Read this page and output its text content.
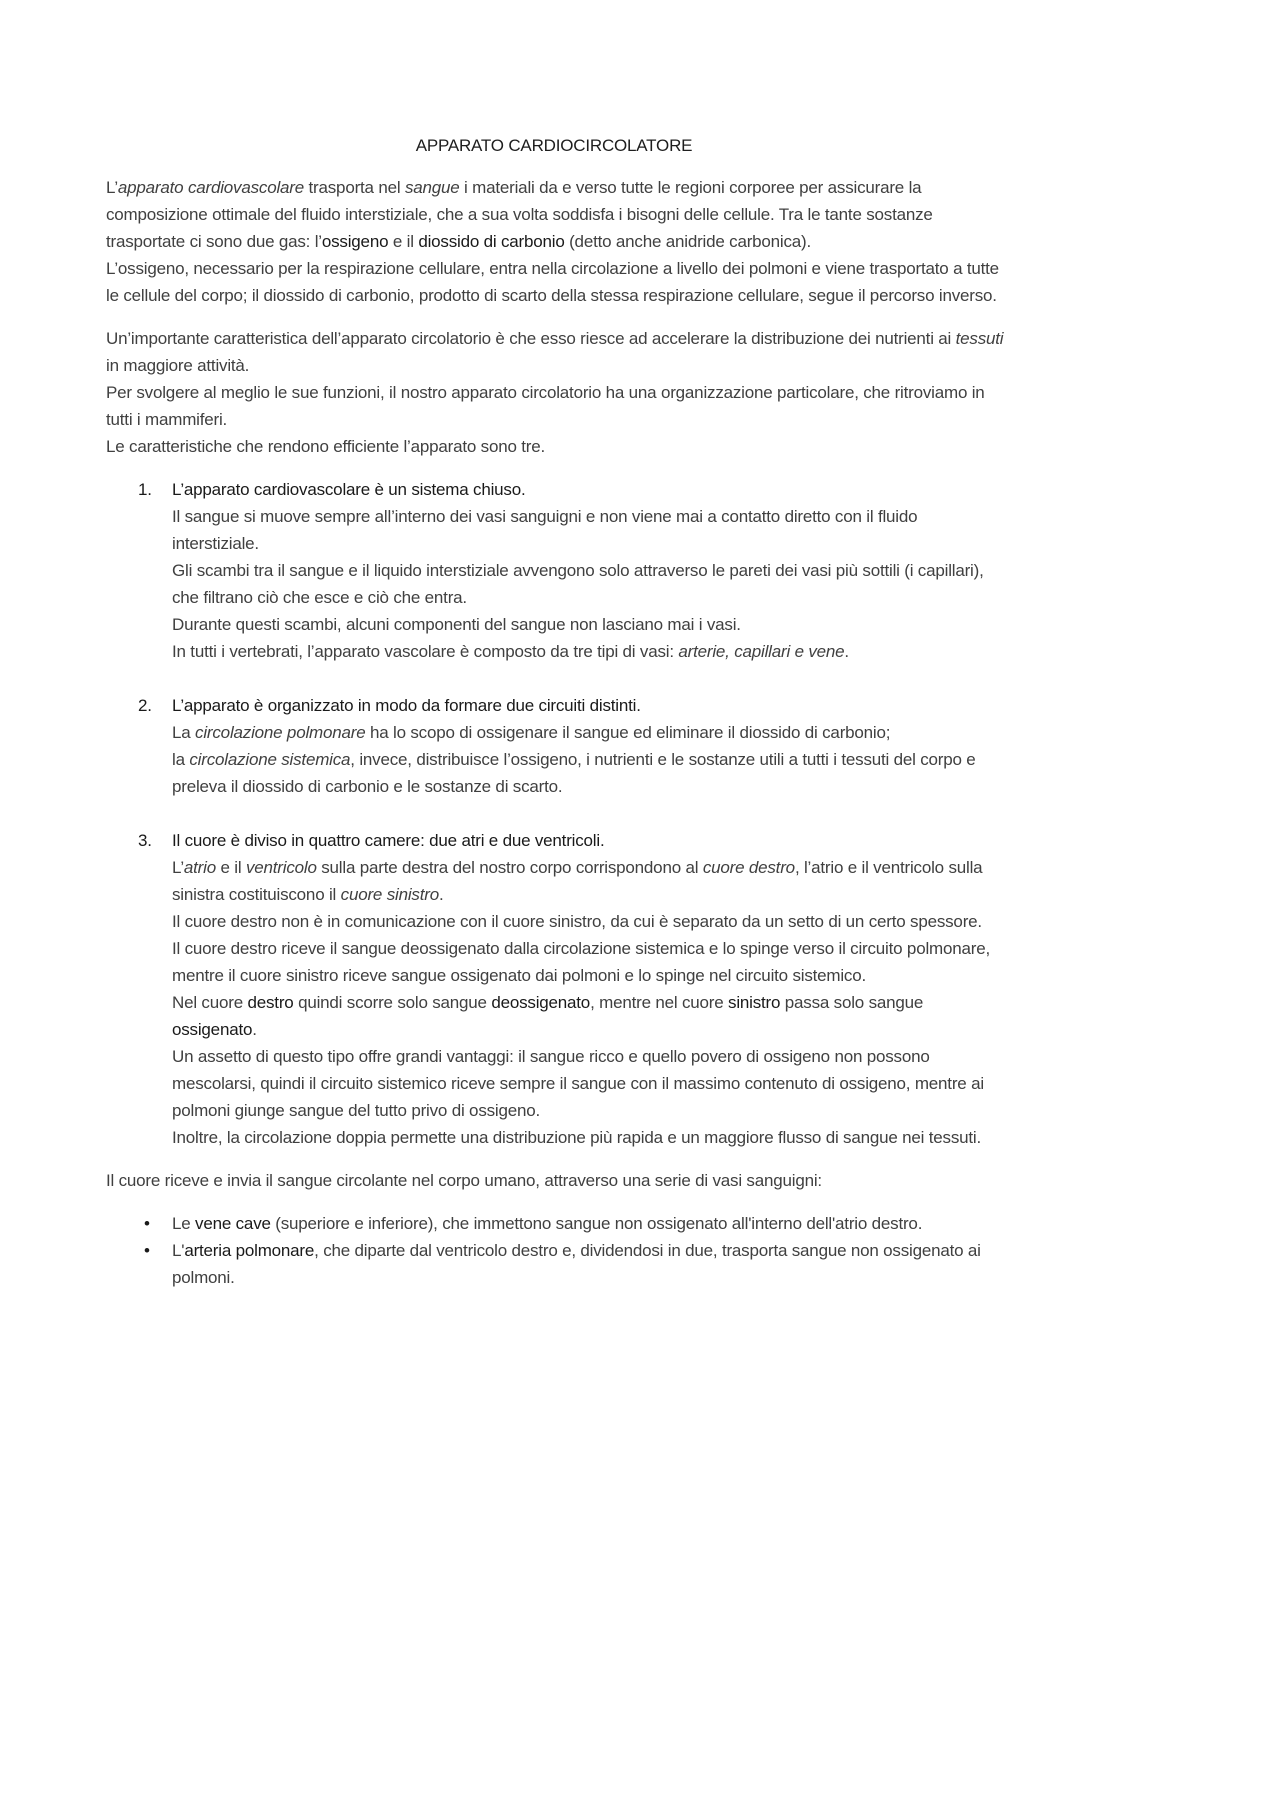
APPARATO CARDIOCIRCOLATORE

L’apparato cardiovascolare trasporta nel sangue i materiali da e verso tutte le regioni corporee per assicurare la composizione ottimale del fluido interstiziale, che a sua volta soddisfa i bisogni delle cellule. Tra le tante sostanze trasportate ci sono due gas: l’ossigeno e il diossido di carbonio (detto anche anidride carbonica).

L’ossigeno, necessario per la respirazione cellulare, entra nella circolazione a livello dei polmoni e viene trasportato a tutte le cellule del corpo; il diossido di carbonio, prodotto di scarto della stessa respirazione cellulare, segue il percorso inverso.

Un’importante caratteristica dell’apparato circolatorio è che esso riesce ad accelerare la distribuzione dei nutrienti ai tessuti in maggiore attività.

Per svolgere al meglio le sue funzioni, il nostro apparato circolatorio ha una organizzazione particolare, che ritroviamo in tutti i mammiferi.

Le caratteristiche che rendono efficiente l’apparato sono tre.

1. L’apparato cardiovascolare è un sistema chiuso.
Il sangue si muove sempre all’interno dei vasi sanguigni e non viene mai a contatto diretto con il fluido interstiziale.
Gli scambi tra il sangue e il liquido interstiziale avvengono solo attraverso le pareti dei vasi più sottili (i capillari), che filtrano ciò che esce e ciò che entra.
Durante questi scambi, alcuni componenti del sangue non lasciano mai i vasi.
In tutti i vertebrati, l’apparato vascolare è composto da tre tipi di vasi: arterie, capillari e vene.
2. L’apparato è organizzato in modo da formare due circuiti distinti.
La circolazione polmonare ha lo scopo di ossigenare il sangue ed eliminare il diossido di carbonio;
la circolazione sistemica, invece, distribuisce l’ossigeno, i nutrienti e le sostanze utili a tutti i tessuti del corpo e preleva il diossido di carbonio e le sostanze di scarto.
3. Il cuore è diviso in quattro camere: due atri e due ventricoli.
L’atrio e il ventricolo sulla parte destra del nostro corpo corrispondono al cuore destro, l’atrio e il ventricolo sulla sinistra costituiscono il cuore sinistro.
Il cuore destro non è in comunicazione con il cuore sinistro, da cui è separato da un setto di un certo spessore.
Il cuore destro riceve il sangue deossigenato dalla circolazione sistemica e lo spinge verso il circuito polmonare, mentre il cuore sinistro riceve sangue ossigenato dai polmoni e lo spinge nel circuito sistemico.
Nel cuore destro quindi scorre solo sangue deossigenato, mentre nel cuore sinistro passa solo sangue ossigenato.
Un assetto di questo tipo offre grandi vantaggi: il sangue ricco e quello povero di ossigeno non possono mescolarsi, quindi il circuito sistemico riceve sempre il sangue con il massimo contenuto di ossigeno, mentre ai polmoni giunge sangue del tutto privo di ossigeno.
Inoltre, la circolazione doppia permette una distribuzione più rapida e un maggiore flusso di sangue nei tessuti.

Il cuore riceve e invia il sangue circolante nel corpo umano, attraverso una serie di vasi sanguigni:

• Le vene cave (superiore e inferiore), che immettono sangue non ossigenato all'interno dell'atrio destro.
• L'arteria polmonare, che diparte dal ventricolo destro e, dividendosi in due, trasporta sangue non ossigenato ai polmoni.
